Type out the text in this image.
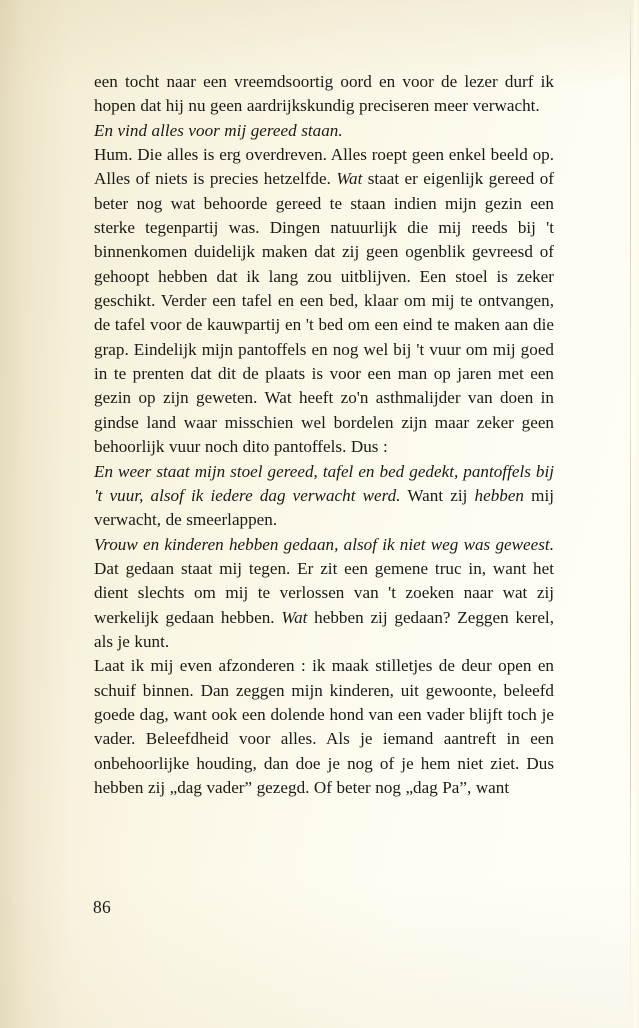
een tocht naar een vreemdsoortig oord en voor de lezer durf ik hopen dat hij nu geen aardrijkskundig preciseren meer verwacht.

En vind alles voor mij gereed staan.

Hum. Die alles is erg overdreven. Alles roept geen enkel beeld op. Alles of niets is precies hetzelfde. Wat staat er eigenlijk gereed of beter nog wat behoorde gereed te staan indien mijn gezin een sterke tegenpartij was. Dingen natuurlijk die mij reeds bij 't binnenkomen duidelijk maken dat zij geen ogenblik gevreesd of gehoopt hebben dat ik lang zou uitblijven. Een stoel is zeker geschikt. Verder een tafel en een bed, klaar om mij te ontvangen, de tafel voor de kauwpartij en 't bed om een eind te maken aan die grap. Eindelijk mijn pantoffels en nog wel bij 't vuur om mij goed in te prenten dat dit de plaats is voor een man op jaren met een gezin op zijn geweten. Wat heeft zo'n asthmalijder van doen in gindse land waar misschien wel bordelen zijn maar zeker geen behoorlijk vuur noch dito pantoffels. Dus :

En weer staat mijn stoel gereed, tafel en bed gedekt, pantoffels bij 't vuur, alsof ik iedere dag verwacht werd. Want zij hebben mij verwacht, de smeerlappen.

Vrouw en kinderen hebben gedaan, alsof ik niet weg was geweest. Dat gedaan staat mij tegen. Er zit een gemene truc in, want het dient slechts om mij te verlossen van 't zoeken naar wat zij werkelijk gedaan hebben. Wat hebben zij gedaan? Zeggen kerel, als je kunt.

Laat ik mij even afzonderen : ik maak stilletjes de deur open en schuif binnen. Dan zeggen mijn kinderen, uit gewoonte, beleefd goede dag, want ook een dolende hond van een vader blijft toch je vader. Beleefdheid voor alles. Als je iemand aantreft in een onbehoorlijke houding, dan doe je nog of je hem niet ziet. Dus hebben zij „dag vader” gezegd. Of beter nog „dag Pa”, want

86
